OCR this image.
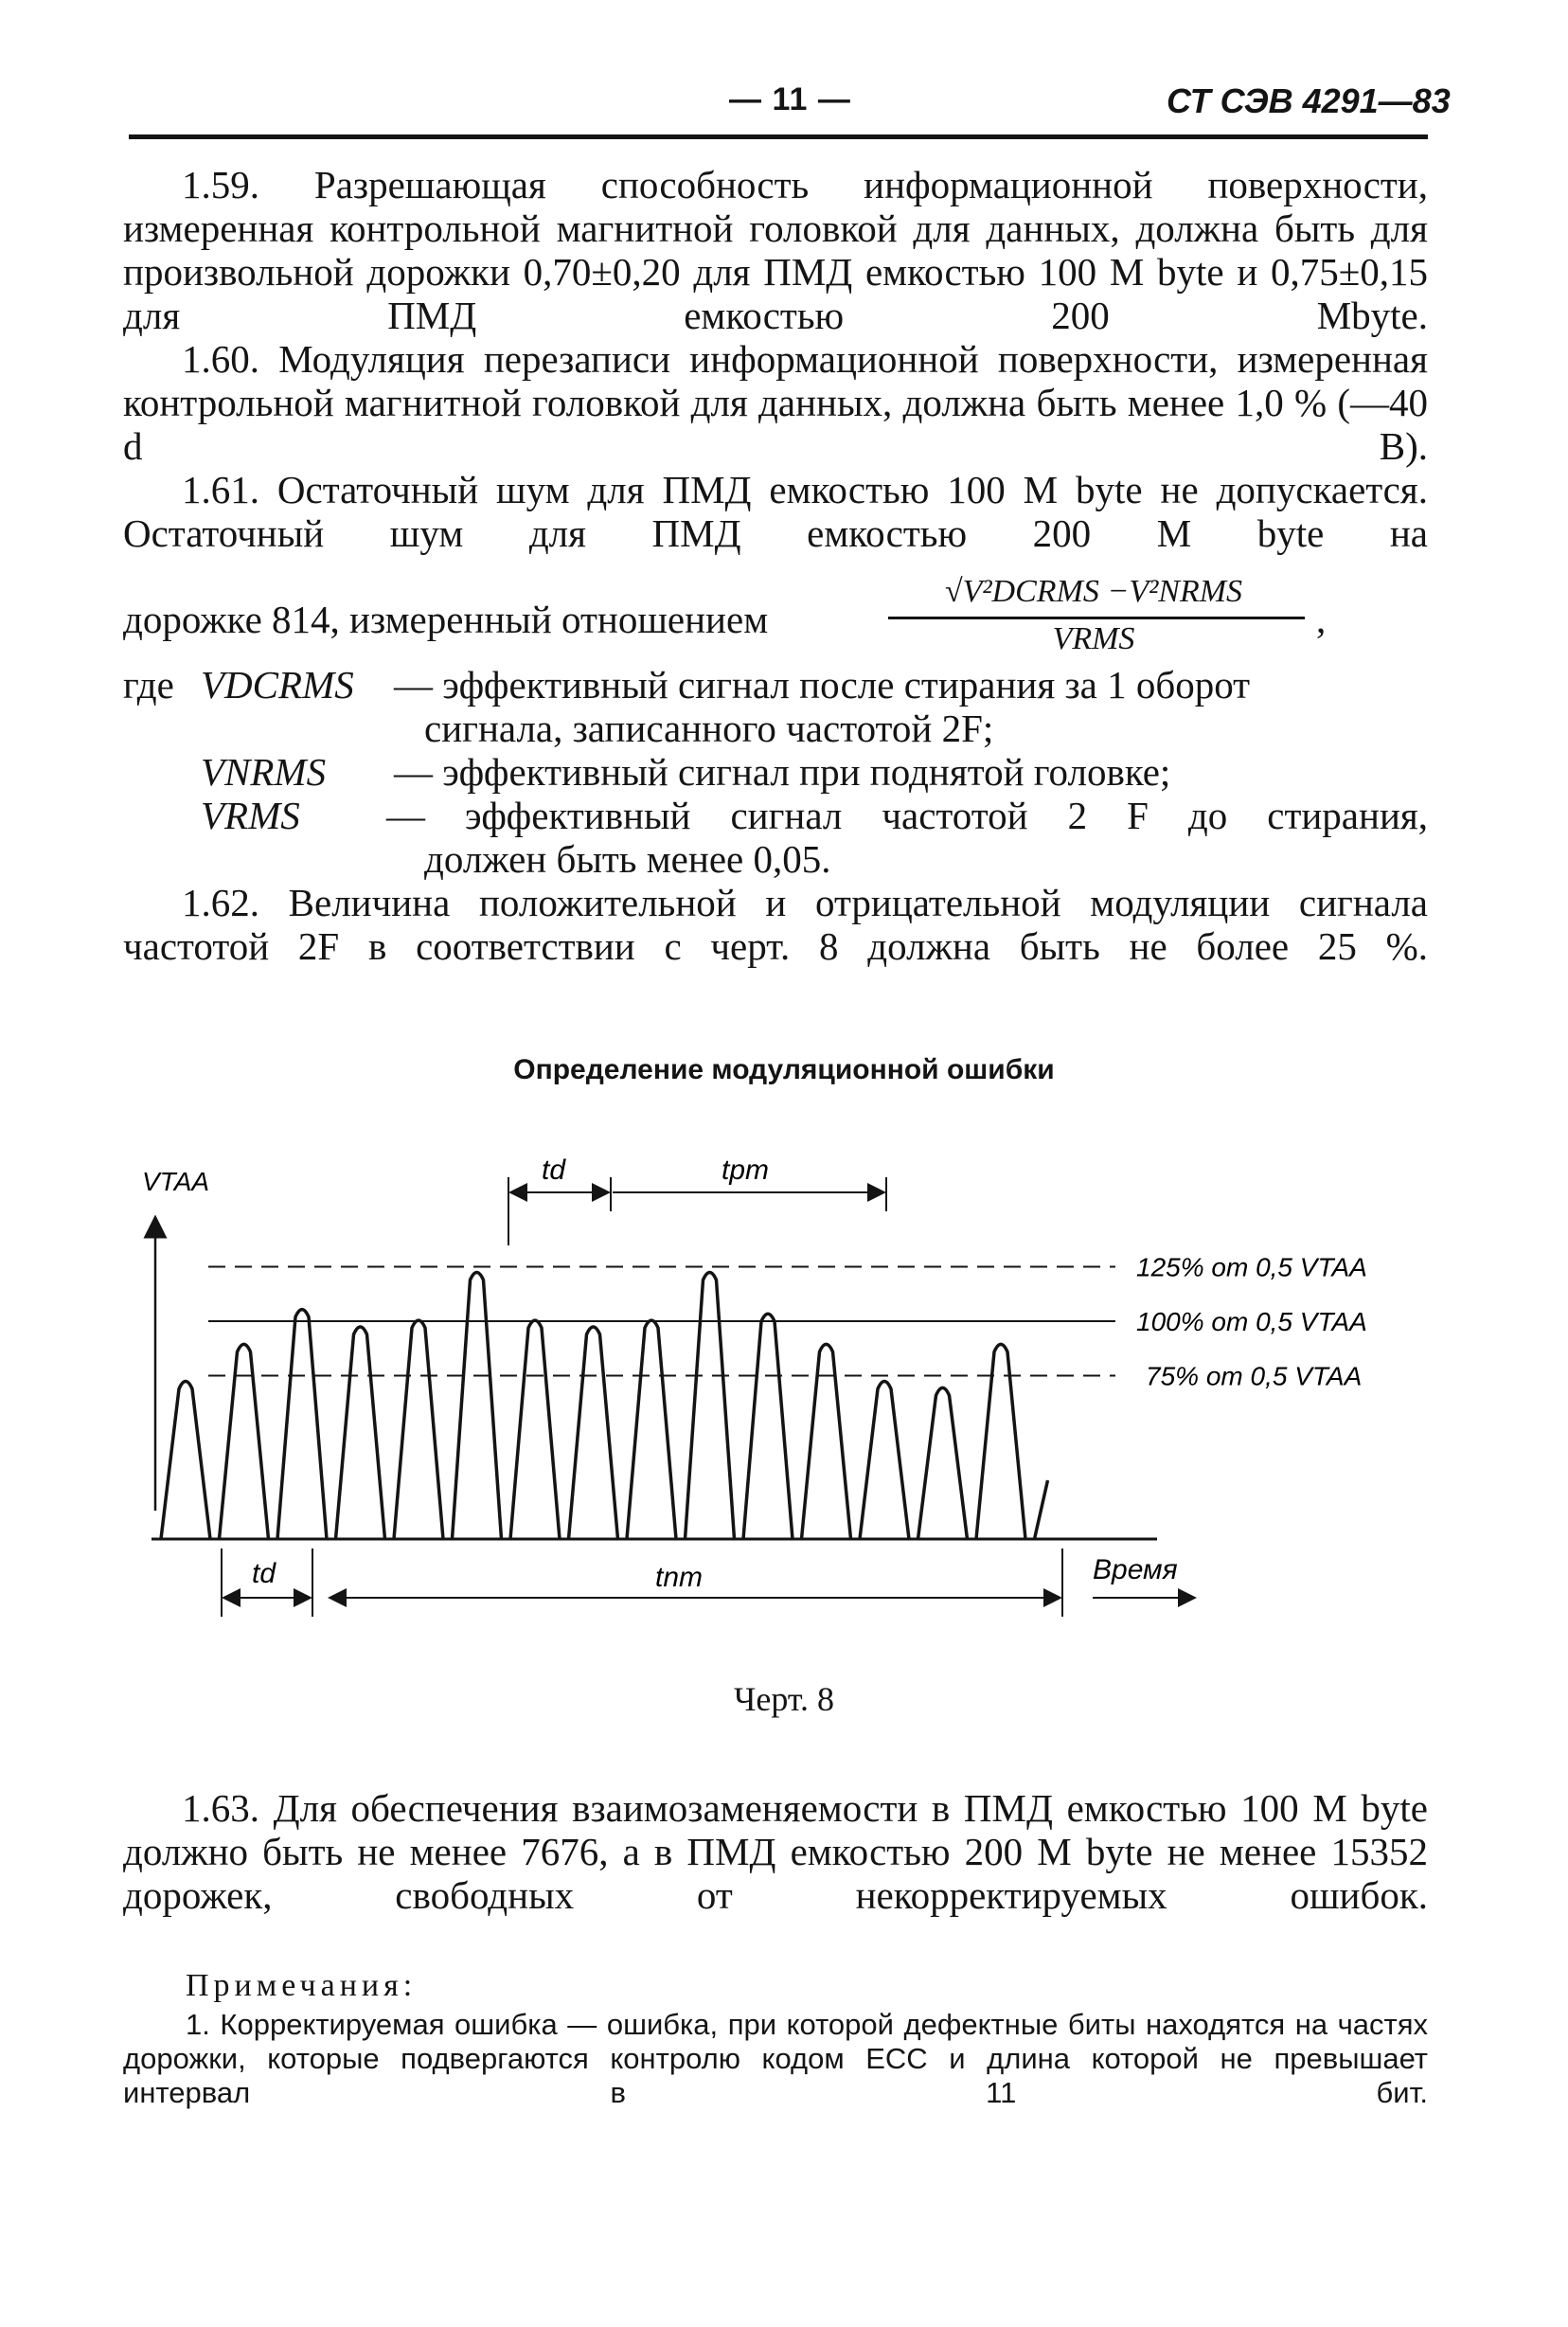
— 11 —	СТ СЭВ 4291—83
1.59. Разрешающая способность информационной поверхности, измеренная контрольной магнитной головкой для данных, должна быть для произвольной дорожки 0,70±0,20 для ПМД емкостью 100 M byte и 0,75±0,15 для ПМД емкостью 200 Mbyte.
1.60. Модуляция перезаписи информационной поверхности, измеренная контрольной магнитной головкой для данных, должна быть менее 1,0 % (—40 d B).
1.61. Остаточный шум для ПМД емкостью 100 M byte не допускается. Остаточный шум для ПМД емкостью 200 M byte на
дорожке 814, измеренный отношением
√V²DCRMS −V²NRMS
VRMS	,
где VDCRMS	— эффективный сигнал после стирания за 1 оборот
сигнала, записанного частотой 2F;
VNRMS	— эффективный сигнал при поднятой головке;
VRMS	— эффективный сигнал частотой 2 F до стирания,
должен быть менее 0,05.
1.62. Величина положительной и отрицательной модуляции сигнала частотой 2F в соответствии с черт. 8 должна быть не более 25 %.
Определение модуляционной ошибки
125% от 0,5 VTAA
100% от 0,5 VTAA
75% от 0,5 VTAA
VTAA	td	tpm
td	tnm	Время
Черт. 8
1.63. Для обеспечения взаимозаменяемости в ПМД емкостью 100 M byte должно быть не менее 7676, а в ПМД емкостью 200 M byte не менее 15352 дорожек, свободных от некорректируемых ошибок.
Примечания:
1. Корректируемая ошибка — ошибка, при которой дефектные биты находятся на частях дорожки, которые подвергаются контролю кодом ECC и длина которой не превышает интервал в 11 бит.
